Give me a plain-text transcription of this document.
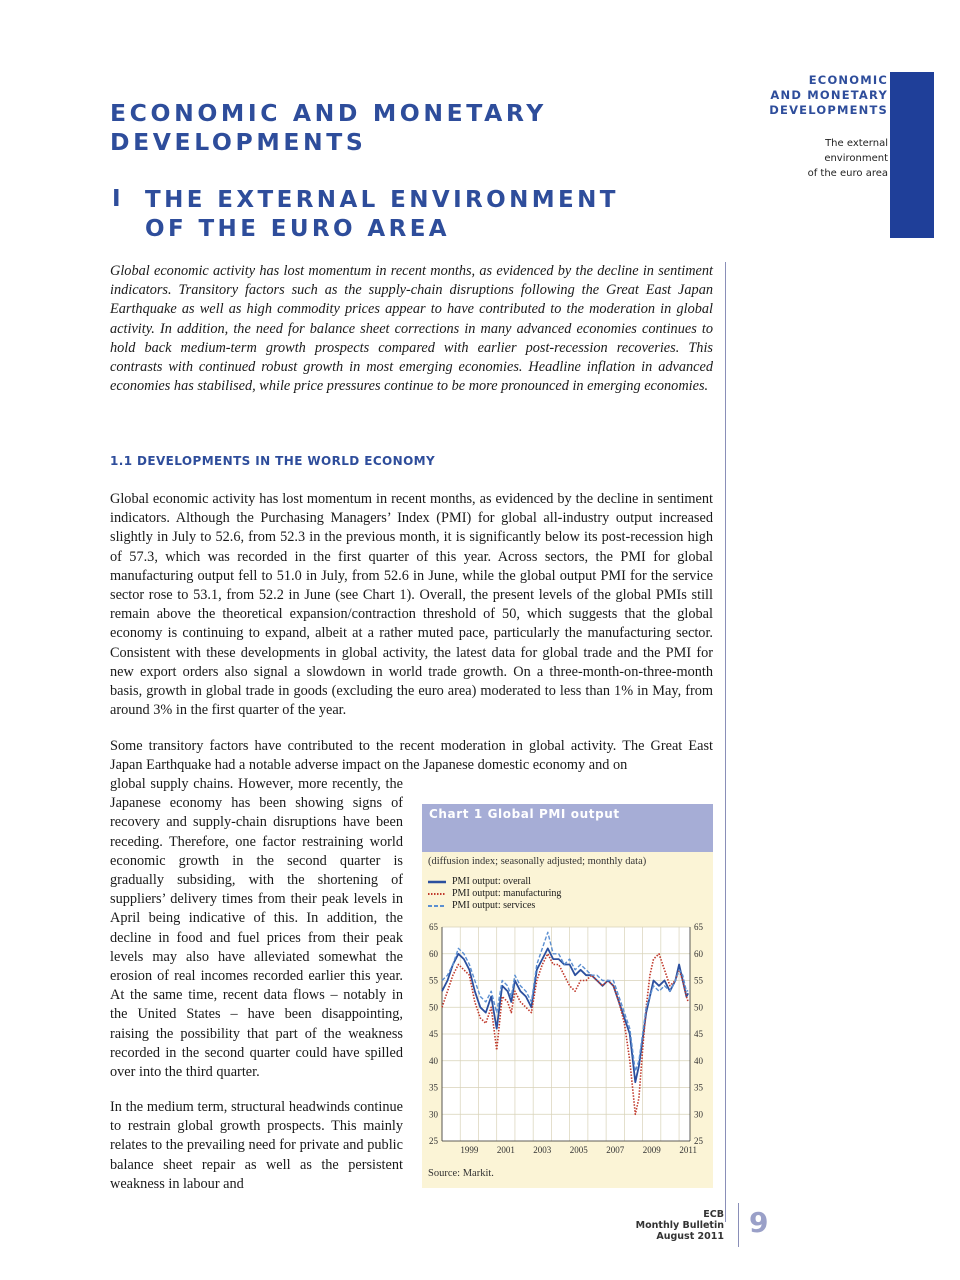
ECONOMIC
AND MONETARY
DEVELOPMENTS
The external
environment
of the euro area
ECONOMIC AND MONETARY
DEVELOPMENTS
I THE EXTERNAL ENVIRONMENT
OF THE EURO AREA

Global economic activity has lost momentum in recent months, as evidenced by the decline in sentiment indicators. Transitory factors such as the supply-chain disruptions following the Great East Japan Earthquake as well as high commodity prices appear to have contributed to the moderation in global activity. In addition, the need for balance sheet corrections in many advanced economies continues to hold back medium-term growth prospects compared with earlier post-recession recoveries. This contrasts with continued robust growth in most emerging economies. Headline inflation in advanced economies has stabilised, while price pressures continue to be more pronounced in emerging economies.

1.1 DEVELOPMENTS IN THE WORLD ECONOMY

Global economic activity has lost momentum in recent months, as evidenced by the decline in sentiment indicators. Although the Purchasing Managers’ Index (PMI) for global all-industry output increased slightly in July to 52.6, from 52.3 in the previous month, it is significantly below its post-recession high of 57.3, which was recorded in the first quarter of this year. Across sectors, the PMI for global manufacturing output fell to 51.0 in July, from 52.6 in June, while the global output PMI for the service sector rose to 53.1, from 52.2 in June (see Chart 1). Overall, the present levels of the global PMIs still remain above the theoretical expansion/contraction threshold of 50, which suggests that the global economy is continuing to expand, albeit at a rather muted pace, particularly the manufacturing sector. Consistent with these developments in global activity, the latest data for global trade and the PMI for new export orders also signal a slowdown in world trade growth. On a three-month-on-three-month basis, growth in global trade in goods (excluding the euro area) moderated to less than 1% in May, from around 3% in the first quarter of the year.

Some transitory factors have contributed to the recent moderation in global activity. The Great East Japan Earthquake had a notable adverse impact on the Japanese domestic economy and on

global supply chains. However, more recently, the Japanese economy has been showing signs of recovery and supply-chain disruptions have been receding. Therefore, one factor restraining world economic growth in the second quarter is gradually subsiding, with the shortening of suppliers’ delivery times from their peak levels in April being indicative of this. In addition, the decline in food and fuel prices from their peak levels may also have alleviated somewhat the erosion of real incomes recorded earlier this year. At the same time, recent data flows – notably in the United States – have been disappointing, raising the possibility that part of the weakness recorded in the second quarter could have spilled over into the third quarter.

In the medium term, structural headwinds continue to restrain global growth prospects. This mainly relates to the prevailing need for private and public balance sheet repair as well as the persistent weakness in labour and

Chart 1 Global PMI output
(diffusion index; seasonally adjusted; monthly data)
PMI output: overall
PMI output: manufacturing
PMI output: services
25	25
30	30
35	35
40	40
45	45
50	50
55	55
60	60
65	65
1999 2001 2003 2005 2007 2009 2011
Source: Markit.
ECB
Monthly Bulletin
August 2011 9
